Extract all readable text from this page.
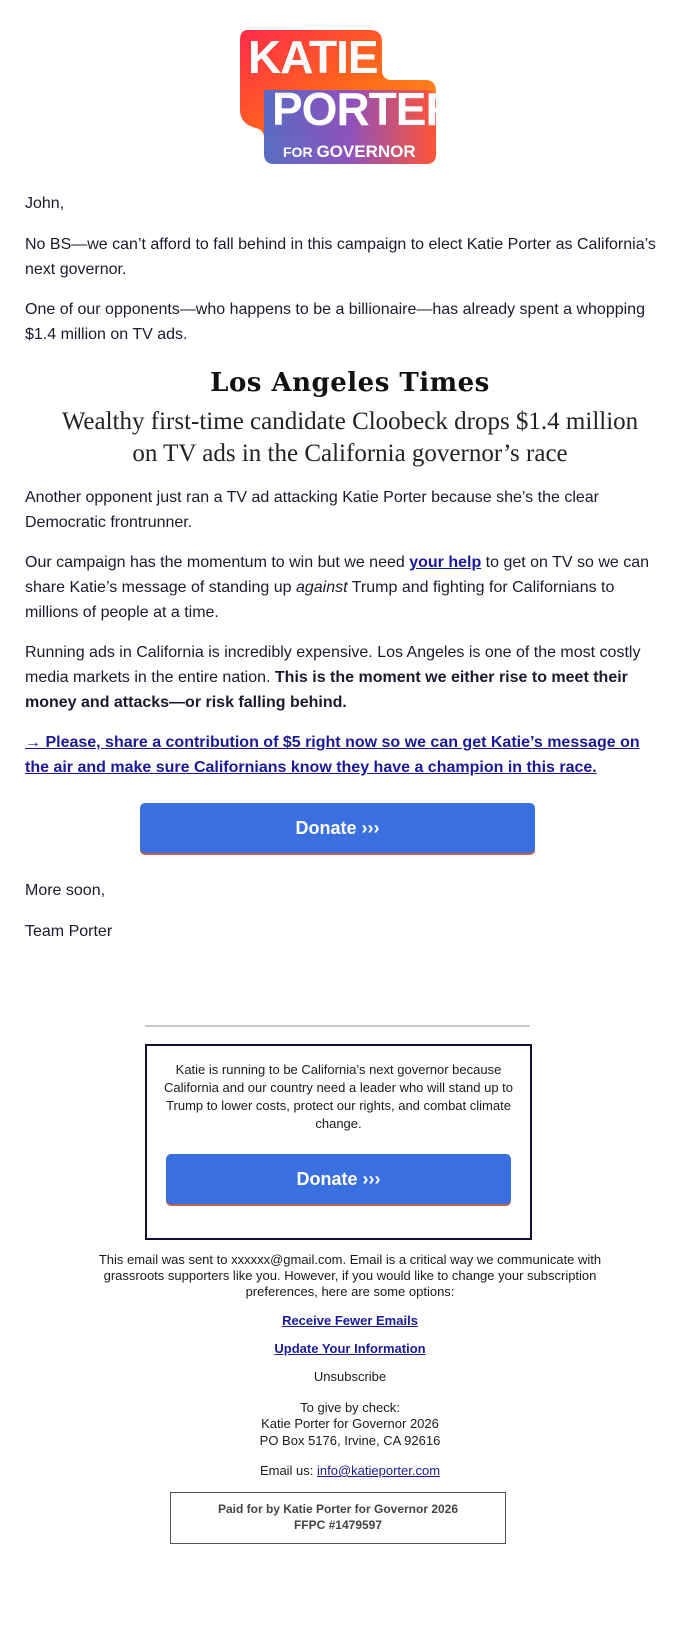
KATIE
PORTER
FOR GOVERNOR

John,

No BS—we can’t afford to fall behind in this campaign to elect Katie Porter as California’s next governor.

One of our opponents—who happens to be a billionaire—has already spent a whopping $1.4 million on TV ads.

Los Angeles Times
Wealthy first-time candidate Cloobeck drops $1.4 million on TV ads in the California governor’s race

Another opponent just ran a TV ad attacking Katie Porter because she’s the clear Democratic frontrunner.

Our campaign has the momentum to win but we need your help to get on TV so we can share Katie’s message of standing up against Trump and fighting for Californians to millions of people at a time.

Running ads in California is incredibly expensive. Los Angeles is one of the most costly media markets in the entire nation. This is the moment we either rise to meet their money and attacks—or risk falling behind.

→ Please, share a contribution of $5 right now so we can get Katie’s message on the air and make sure Californians know they have a champion in this race.

Donate ›››

More soon,

Team Porter

Katie is running to be California’s next governor because California and our country need a leader who will stand up to Trump to lower costs, protect our rights, and combat climate change.
Donate ›››
This email was sent to xxxxxx@gmail.com. Email is a critical way we communicate with grassroots supporters like you. However, if you would like to change your subscription preferences, here are some options:
Receive Fewer Emails
Update Your Information
Unsubscribe
To give by check:
Katie Porter for Governor 2026
PO Box 5176, Irvine, CA 92616
Email us: info@katieporter.com
Paid for by Katie Porter for Governor 2026
FFPC #1479597
